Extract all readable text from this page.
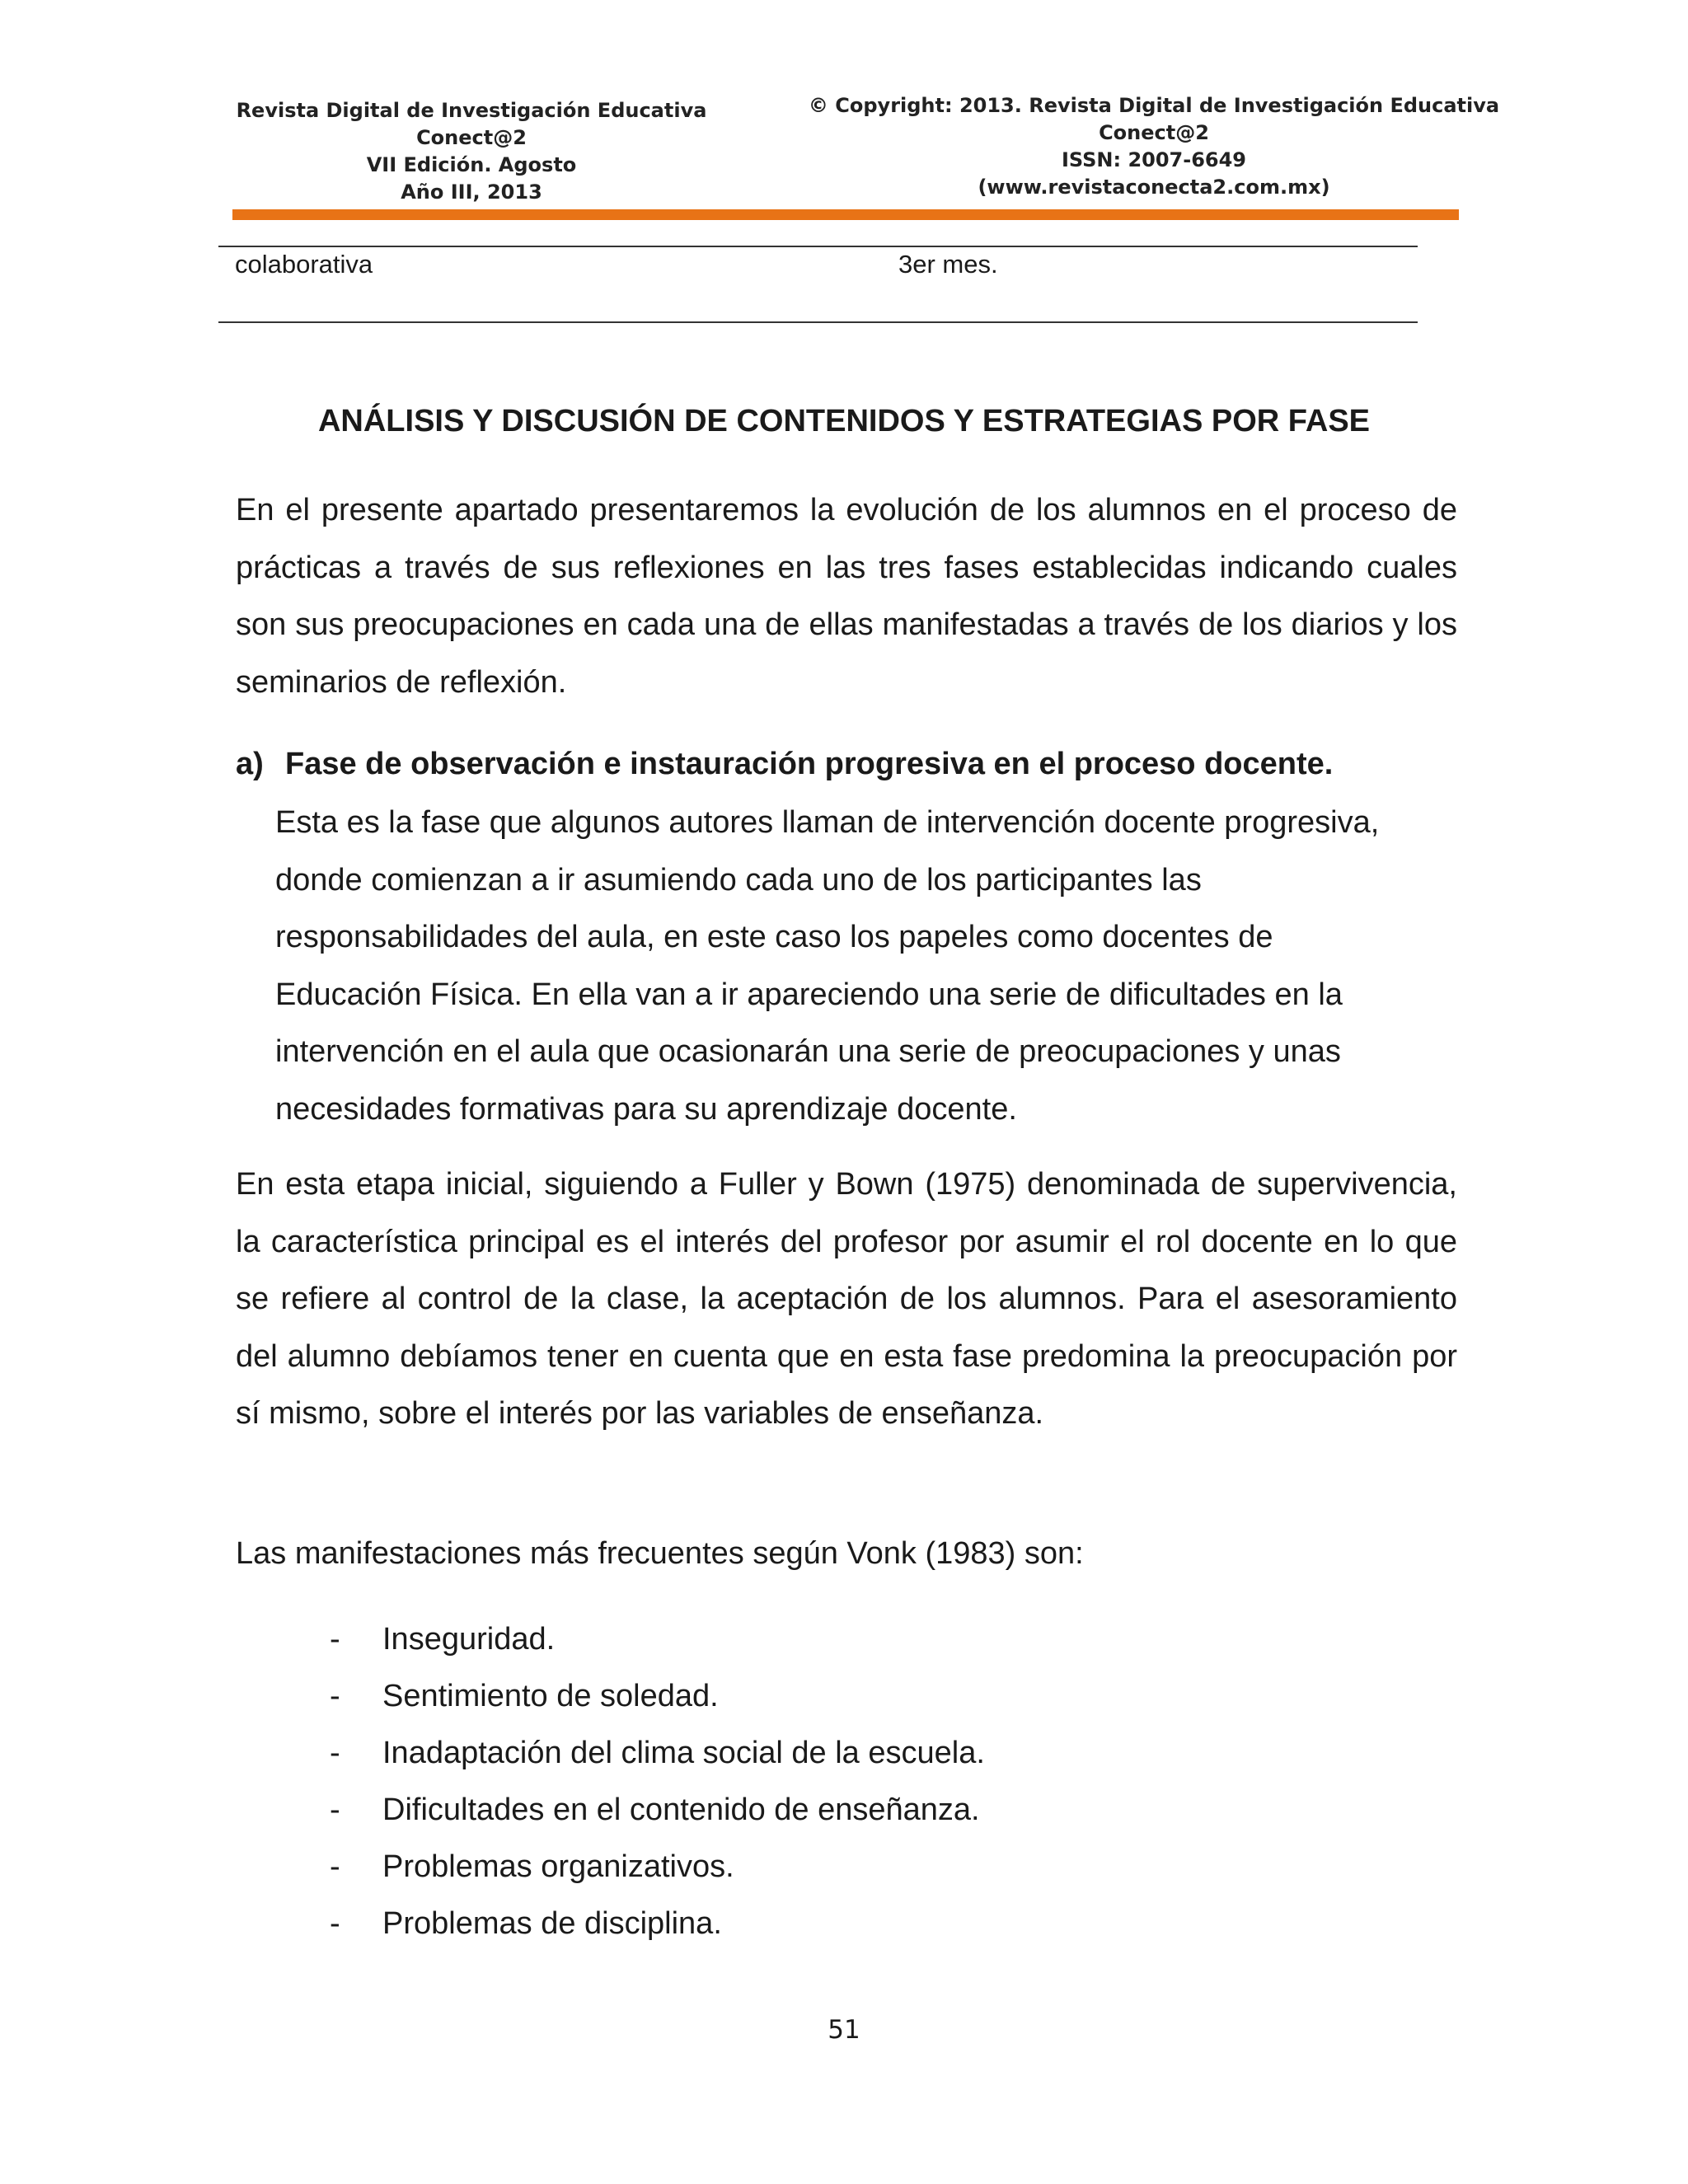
Revista Digital de Investigación Educativa
Conect@2
VII Edición. Agosto
Año III, 2013
© Copyright: 2013. Revista Digital de Investigación Educativa
Conect@2
ISSN: 2007-6649
(www.revistaconecta2.com.mx)
colaborativa	3er mes.
ANÁLISIS Y DISCUSIÓN DE CONTENIDOS Y ESTRATEGIAS POR FASE

En el presente apartado presentaremos la evolución de los alumnos en el proceso de prácticas a través de sus reflexiones en las tres fases establecidas indicando cuales son sus preocupaciones en cada una de ellas manifestadas a través de los diarios y los seminarios de reflexión.

a) Fase de observación e instauración progresiva en el proceso docente.
Esta es la fase que algunos autores llaman de intervención docente progresiva,
donde comienzan a ir asumiendo cada uno de los participantes las
responsabilidades del aula, en este caso los papeles como docentes de
Educación Física. En ella van a ir apareciendo una serie de dificultades en la
intervención en el aula que ocasionarán una serie de preocupaciones y unas
necesidades formativas para su aprendizaje docente.

En esta etapa inicial, siguiendo a Fuller y Bown (1975) denominada de supervivencia, la característica principal es el interés del profesor por asumir el rol docente en lo que se refiere al control de la clase, la aceptación de los alumnos. Para el asesoramiento del alumno debíamos tener en cuenta que en esta fase predomina la preocupación por sí mismo, sobre el interés por las variables de enseñanza.

Las manifestaciones más frecuentes según Vonk (1983) son:

- Inseguridad.
- Sentimiento de soledad.
- Inadaptación del clima social de la escuela.
- Dificultades en el contenido de enseñanza.
- Problemas organizativos.
- Problemas de disciplina.
51
